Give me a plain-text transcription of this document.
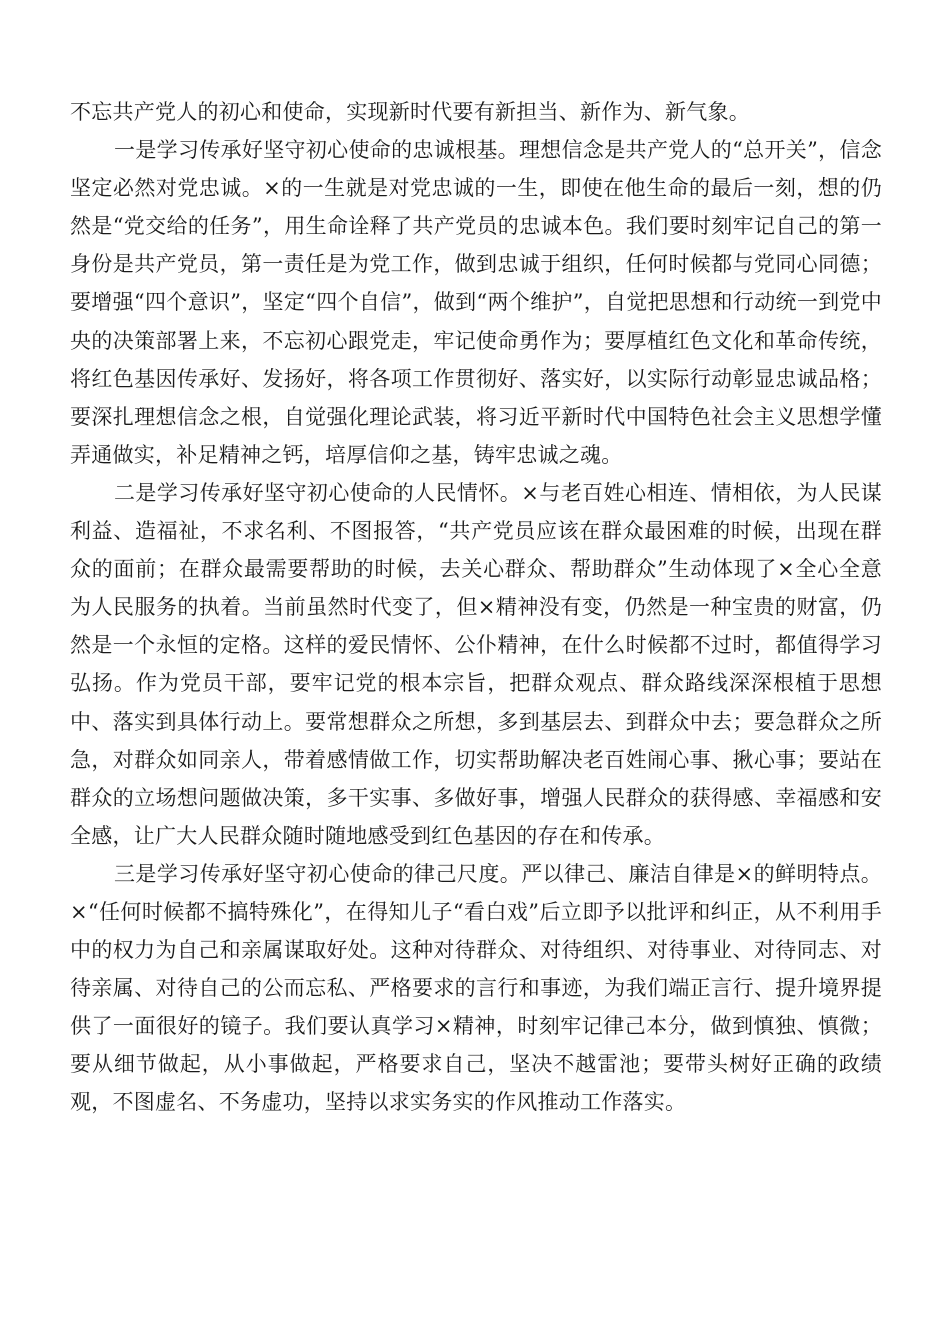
不忘共产党人的初心和使命，实现新时代要有新担当、新作为、新气象。

一是学习传承好坚守初心使命的忠诚根基。理想信念是共产党人的“总开关”，信念坚定必然对党忠诚。×的一生就是对党忠诚的一生，即使在他生命的最后一刻，想的仍然是“党交给的任务”，用生命诠释了共产党员的忠诚本色。我们要时刻牢记自己的第一身份是共产党员，第一责任是为党工作，做到忠诚于组织，任何时候都与党同心同德；要增强“四个意识”，坚定“四个自信”，做到“两个维护”，自觉把思想和行动统一到党中央的决策部署上来，不忘初心跟党走，牢记使命勇作为；要厚植红色文化和革命传统，将红色基因传承好、发扬好，将各项工作贯彻好、落实好，以实际行动彰显忠诚品格；要深扎理想信念之根，自觉强化理论武装，将习近平新时代中国特色社会主义思想学懂弄通做实，补足精神之钙，培厚信仰之基，铸牢忠诚之魂。

二是学习传承好坚守初心使命的人民情怀。×与老百姓心相连、情相依，为人民谋利益、造福祉，不求名利、不图报答，“共产党员应该在群众最困难的时候，出现在群众的面前；在群众最需要帮助的时候，去关心群众、帮助群众”生动体现了×全心全意为人民服务的执着。当前虽然时代变了，但×精神没有变，仍然是一种宝贵的财富，仍然是一个永恒的定格。这样的爱民情怀、公仆精神，在什么时候都不过时，都值得学习弘扬。作为党员干部，要牢记党的根本宗旨，把群众观点、群众路线深深根植于思想中、落实到具体行动上。要常想群众之所想，多到基层去、到群众中去；要急群众之所急，对群众如同亲人，带着感情做工作，切实帮助解决老百姓闹心事、揪心事；要站在群众的立场想问题做决策，多干实事、多做好事，增强人民群众的获得感、幸福感和安全感，让广大人民群众随时随地感受到红色基因的存在和传承。

三是学习传承好坚守初心使命的律己尺度。严以律己、廉洁自律是×的鲜明特点。×“任何时候都不搞特殊化”，在得知儿子“看白戏”后立即予以批评和纠正，从不利用手中的权力为自己和亲属谋取好处。这种对待群众、对待组织、对待事业、对待同志、对待亲属、对待自己的公而忘私、严格要求的言行和事迹，为我们端正言行、提升境界提供了一面很好的镜子。我们要认真学习×精神，时刻牢记律己本分，做到慎独、慎微；要从细节做起，从小事做起，严格要求自己，坚决不越雷池；要带头树好正确的政绩观，不图虚名、不务虚功，坚持以求实务实的作风推动工作落实。
